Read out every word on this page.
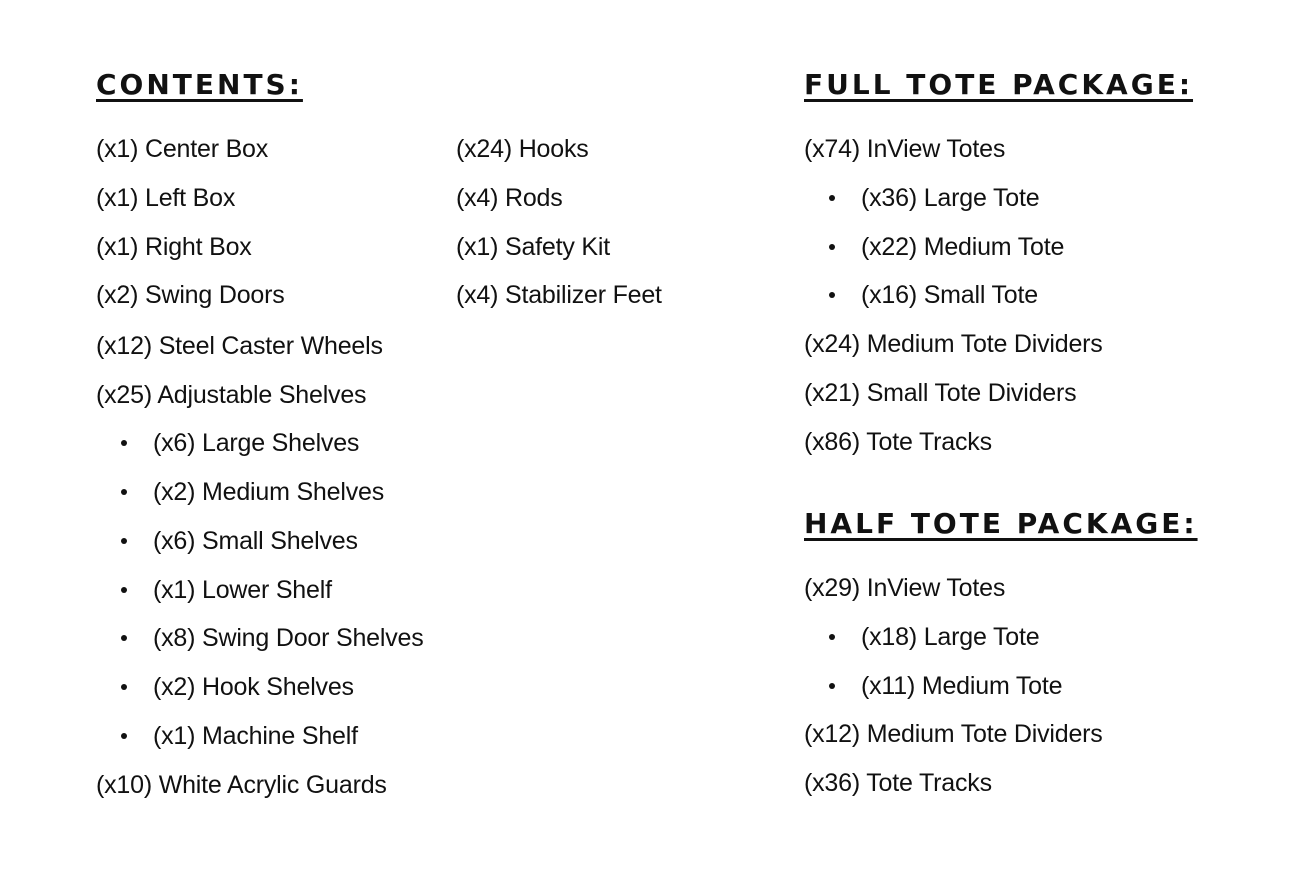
CONTENTS:
(x1) Center Box
(x1) Left Box
(x1) Right Box
(x2) Swing Doors
(x12) Steel Caster Wheels
(x25) Adjustable Shelves
(x6) Large Shelves
(x2) Medium Shelves
(x6) Small Shelves
(x1) Lower Shelf
(x8) Swing Door Shelves
(x2) Hook Shelves
(x1) Machine Shelf
(x10) White Acrylic Guards
(x24) Hooks
(x4) Rods
(x1) Safety Kit
(x4) Stabilizer Feet
FULL TOTE PACKAGE:
(x74) InView Totes
(x36) Large Tote
(x22) Medium Tote
(x16) Small Tote
(x24) Medium Tote Dividers
(x21) Small Tote Dividers
(x86) Tote Tracks
HALF TOTE PACKAGE:
(x29) InView Totes
(x18) Large Tote
(x11) Medium Tote
(x12) Medium Tote Dividers
(x36) Tote Tracks
